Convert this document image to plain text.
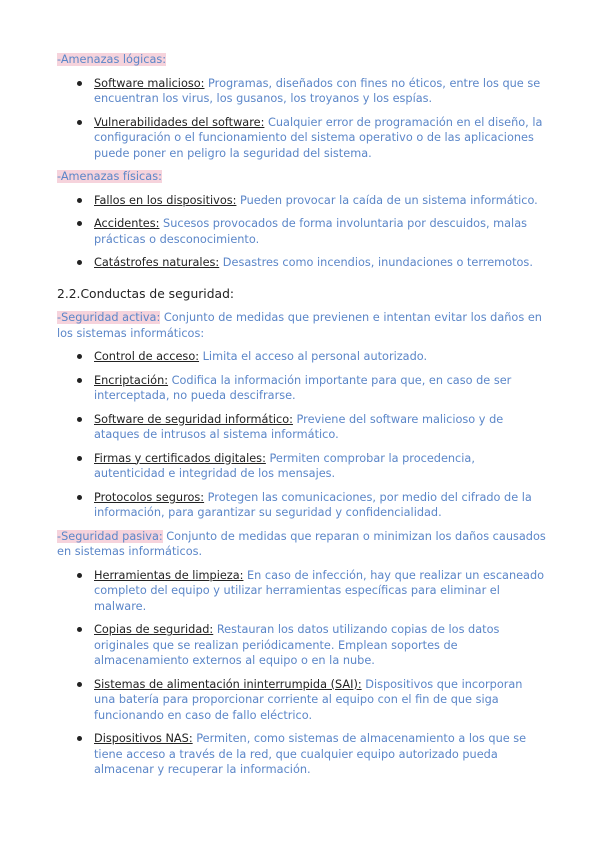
-Amenazas lógicas:

Software malicioso: Programas, diseñados con fines no éticos, entre los que se encuentran los virus, los gusanos, los troyanos y los espías.
Vulnerabilidades del software: Cualquier error de programación en el diseño, la configuración o el funcionamiento del sistema operativo o de las aplicaciones puede poner en peligro la seguridad del sistema.

-Amenazas físicas:

Fallos en los dispositivos: Pueden provocar la caída de un sistema informático.
Accidentes: Sucesos provocados de forma involuntaria por descuidos, malas prácticas o desconocimiento.
Catástrofes naturales: Desastres como incendios, inundaciones o terremotos.

2.2.Conductas de seguridad:

-Seguridad activa: Conjunto de medidas que previenen e intentan evitar los daños en los sistemas informáticos:

Control de acceso: Limita el acceso al personal autorizado.
Encriptación: Codifica la información importante para que, en caso de ser interceptada, no pueda descifrarse.
Software de seguridad informático: Previene del software malicioso y de ataques de intrusos al sistema informático.
Firmas y certificados digitales: Permiten comprobar la procedencia, autenticidad e integridad de los mensajes.
Protocolos seguros: Protegen las comunicaciones, por medio del cifrado de la información, para garantizar su seguridad y confidencialidad.

-Seguridad pasiva: Conjunto de medidas que reparan o minimizan los daños causados en sistemas informáticos.

Herramientas de limpieza: En caso de infección, hay que realizar un escaneado completo del equipo y utilizar herramientas específicas para eliminar el malware.
Copias de seguridad: Restauran los datos utilizando copias de los datos originales que se realizan periódicamente. Emplean soportes de almacenamiento externos al equipo o en la nube.
Sistemas de alimentación ininterrumpida (SAI): Dispositivos que incorporan una batería para proporcionar corriente al equipo con el fin de que siga funcionando en caso de fallo eléctrico.
Dispositivos NAS: Permiten, como sistemas de almacenamiento a los que se tiene acceso a través de la red, que cualquier equipo autorizado pueda almacenar y recuperar la información.
